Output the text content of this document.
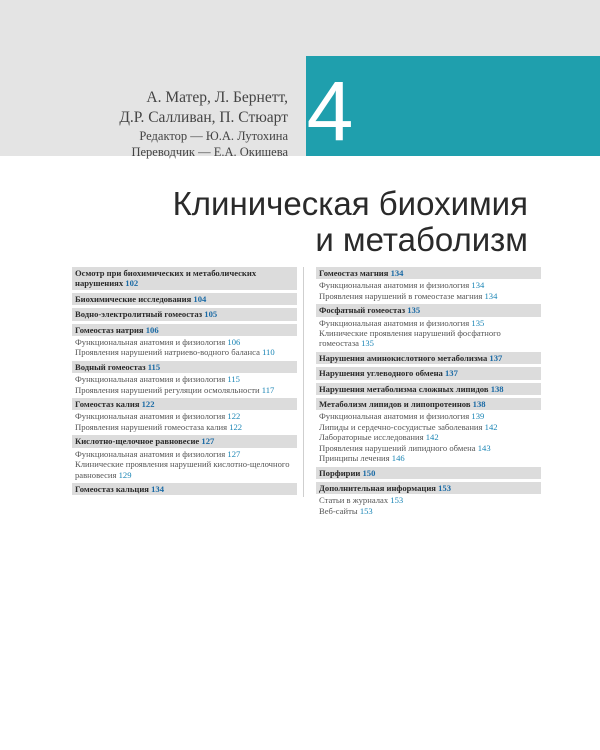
4
А. Матер, Л. Бернетт,
Д.Р. Салливан, П. Стюарт
Редактор — Ю.А. Лутохина
Переводчик — Е.А. Окишева
Клиническая биохимия
и метаболизм
Осмотр при биохимических и метаболических нарушениях 102
Биохимические исследования 104
Водно-электролитный гомеостаз 105
Гомеостаз натрия 106
Функциональная анатомия и физиология 106
Проявления нарушений натриево-водного баланса 110
Водный гомеостаз 115
Функциональная анатомия и физиология 115
Проявления нарушений регуляции осмоляльности 117
Гомеостаз калия 122
Функциональная анатомия и физиология 122
Проявления нарушений гомеостаза калия 122
Кислотно-щелочное равновесие 127
Функциональная анатомия и физиология 127
Клинические проявления нарушений кислотно-щелочного равновесия 129
Гомеостаз кальция 134
Гомеостаз магния 134
Функциональная анатомия и физиология 134
Проявления нарушений в гомеостазе магния 134
Фосфатный гомеостаз 135
Функциональная анатомия и физиология 135
Клинические проявления нарушений фосфатного гомеостаза 135
Нарушения аминокислотного метаболизма 137
Нарушения углеводного обмена 137
Нарушения метаболизма сложных липидов 138
Метаболизм липидов и липопротеинов 138
Функциональная анатомия и физиология 139
Липиды и сердечно-сосудистые заболевания 142
Лабораторные исследования 142
Проявления нарушений липидного обмена 143
Принципы лечения 146
Порфирии 150
Дополнительная информация 153
Статьи в журналах 153
Веб-сайты 153
